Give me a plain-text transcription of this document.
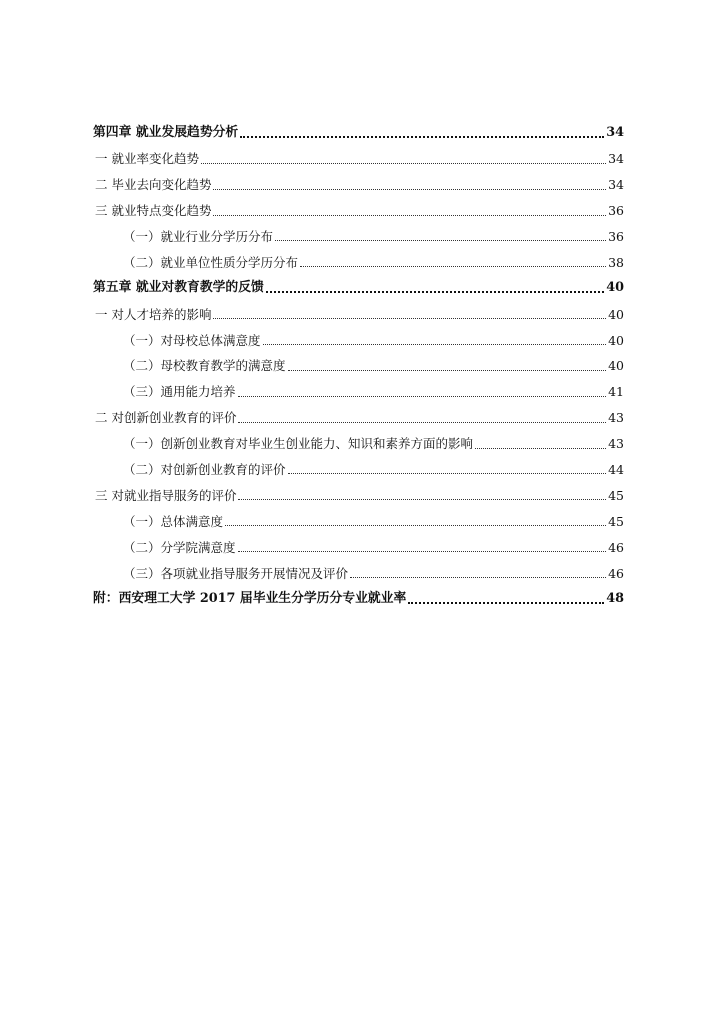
第四章 就业发展趋势分析	34
一 就业率变化趋势	34
二 毕业去向变化趋势	34
三 就业特点变化趋势	36
（一）就业行业分学历分布	36
（二）就业单位性质分学历分布	38
第五章 就业对教育教学的反馈	40
一 对人才培养的影响	40
（一）对母校总体满意度	40
（二）母校教育教学的满意度	40
（三）通用能力培养	41
二 对创新创业教育的评价	43
（一）创新创业教育对毕业生创业能力、知识和素养方面的影响	43
（二）对创新创业教育的评价	44
三 对就业指导服务的评价	45
（一）总体满意度	45
（二）分学院满意度	46
（三）各项就业指导服务开展情况及评价	46
附：西安理工大学 2017 届毕业生分学历分专业就业率	48
